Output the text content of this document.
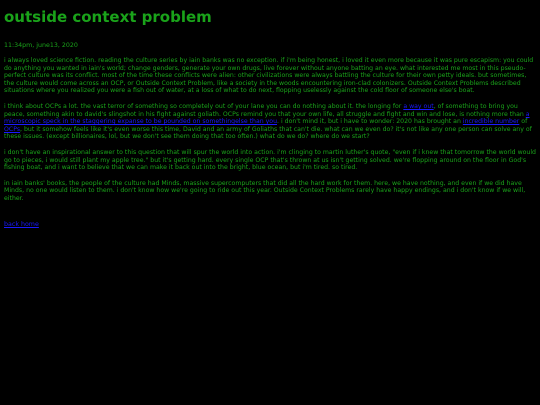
outside context problem
11:34pm, june13, 2020

i always loved science fiction. reading the culture series by iain banks was no exception. if i'm being honest, i loved it even more because it was pure escapism: you could do anything you wanted in iain's world; change genders, generate your own drugs, live forever without anyone batting an eye. what interested me most in this pseudo-perfect culture was its conflict. most of the time these conflicts were alien: other civilizations were always battling the culture for their own petty ideals. but sometimes, the culture would come across an OCP, or Outside Context Problem, like a society in the woods encountering iron-clad colonizers. Outside Context Problems described situations where you realized you were a fish out of water, at a loss of what to do next, flopping uselessly against the cold floor of someone else's boat.

i think about OCPs a lot. the vast terror of something so completely out of your lane you can do nothing about it. the longing for a way out, of something to bring you peace, something akin to david's slingshot in his fight against goliath. OCPs remind you that your own life, all struggle and fight and win and lose, is nothing more than a microscopic speck in the staggering expanse to be pounded on somethingelse than you. i don't mind it, but i have to wonder: 2020 has brought an incredible number of OCPs, but it somehow feels like it's even worse this time, David and an army of Goliaths that can't die. what can we even do? it's not like any one person can solve any of these issues. (except billionaires, lol, but we don't see them doing that too often.) what do we do? where do we start?

i don't have an inspirational answer to this question that will spur the world into action. i'm clinging to martin luther's quote, "even if i knew that tomorrow the world would go to pieces, i would still plant my apple tree." but it's getting hard. every single OCP that's thrown at us isn't getting solved. we're flopping around on the floor in God's fishing boat, and i want to believe that we can make it back out into the bright, blue ocean, but i'm tired. so tired.

in iain banks' books, the people of the culture had Minds, massive supercomputers that did all the hard work for them. here, we have nothing, and even if we did have Minds, no one would listen to them. i don't know how we're going to ride out this year. Outside Context Problems rarely have happy endings, and i don't know if we will, either.

back home
